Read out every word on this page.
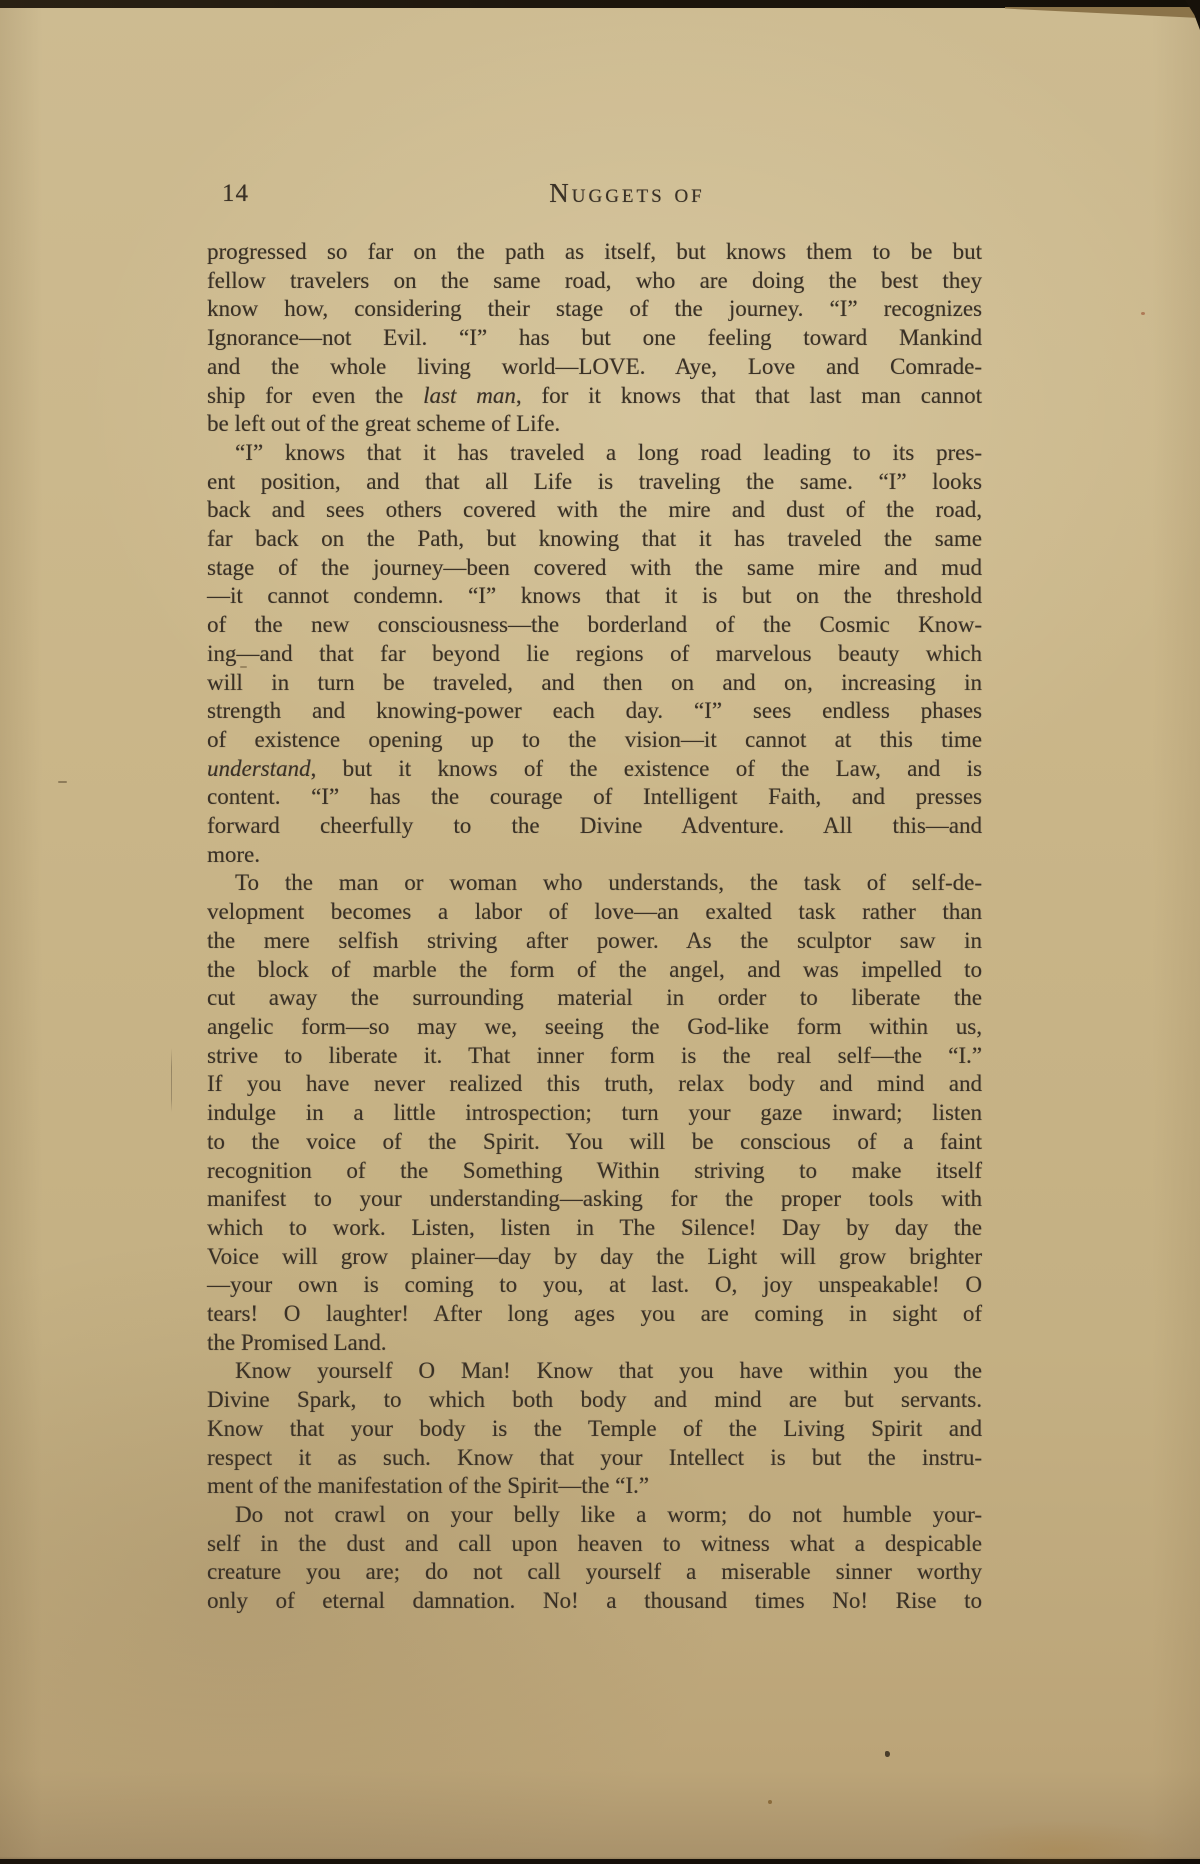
14	Nuggets of
progressed so far on the path as itself, but knows them to be but
fellow travelers on the same road, who are doing the best they
know how, considering their stage of the journey. “I” recognizes
Ignorance—not Evil. “I” has but one feeling toward Mankind
and the whole living world—LOVE. Aye, Love and Comrade-
ship for even the last man, for it knows that that last man cannot
be left out of the great scheme of Life.
“I” knows that it has traveled a long road leading to its pres-
ent position, and that all Life is traveling the same. “I” looks
back and sees others covered with the mire and dust of the road,
far back on the Path, but knowing that it has traveled the same
stage of the journey—been covered with the same mire and mud
—it cannot condemn. “I” knows that it is but on the threshold
of the new consciousness—the borderland of the Cosmic Know-
ing—and that far beyond lie regions of marvelous beauty which
will in turn be traveled, and then on and on, increasing in
strength and knowing-power each day. “I” sees endless phases
of existence opening up to the vision—it cannot at this time
understand, but it knows of the existence of the Law, and is
content. “I” has the courage of Intelligent Faith, and presses
forward cheerfully to the Divine Adventure. All this—and
more.
To the man or woman who understands, the task of self-de-
velopment becomes a labor of love—an exalted task rather than
the mere selfish striving after power. As the sculptor saw in
the block of marble the form of the angel, and was impelled to
cut away the surrounding material in order to liberate the
angelic form—so may we, seeing the God-like form within us,
strive to liberate it. That inner form is the real self—the “I.”
If you have never realized this truth, relax body and mind and
indulge in a little introspection; turn your gaze inward; listen
to the voice of the Spirit. You will be conscious of a faint
recognition of the Something Within striving to make itself
manifest to your understanding—asking for the proper tools with
which to work. Listen, listen in The Silence! Day by day the
Voice will grow plainer—day by day the Light will grow brighter
—your own is coming to you, at last. O, joy unspeakable! O
tears! O laughter! After long ages you are coming in sight of
the Promised Land.
Know yourself O Man! Know that you have within you the
Divine Spark, to which both body and mind are but servants.
Know that your body is the Temple of the Living Spirit and
respect it as such. Know that your Intellect is but the instru-
ment of the manifestation of the Spirit—the “I.”
Do not crawl on your belly like a worm; do not humble your-
self in the dust and call upon heaven to witness what a despicable
creature you are; do not call yourself a miserable sinner worthy
only of eternal damnation. No! a thousand times No! Rise to
